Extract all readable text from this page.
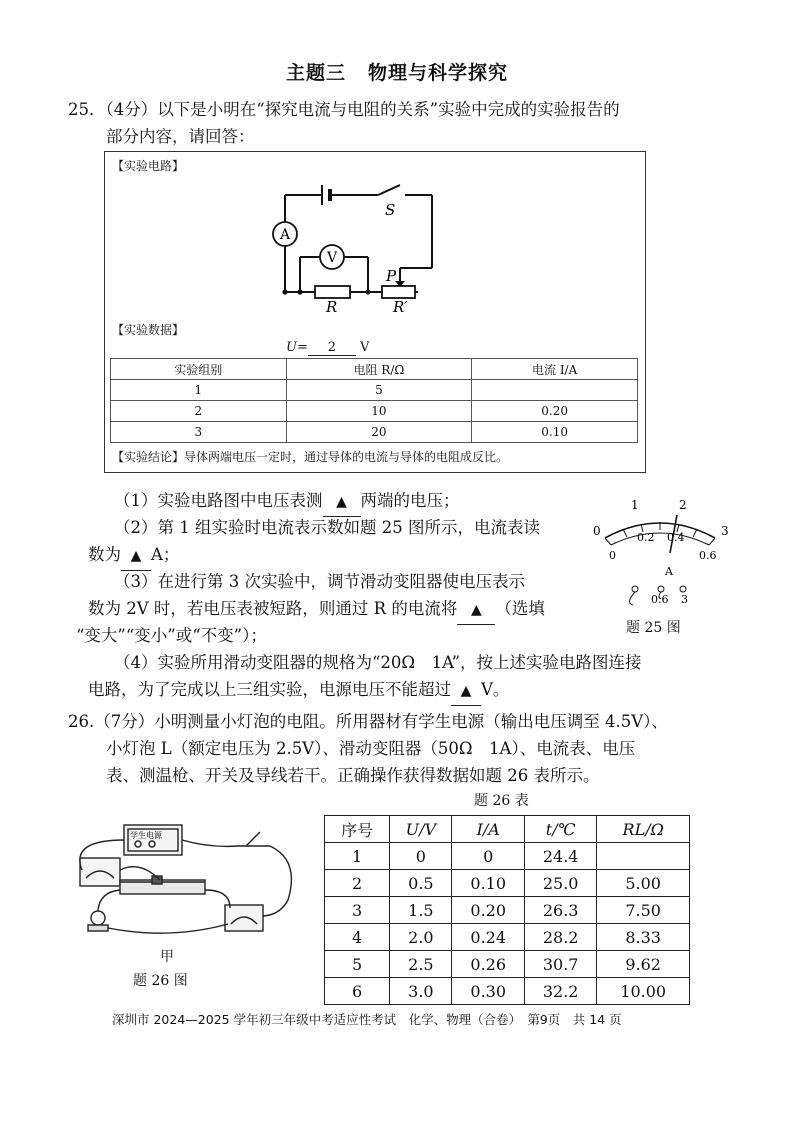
主题三 物理与科学探究
25．（4分）以下是小明在“探究电流与电阻的关系”实验中完成的实验报告的
部分内容，请回答：
【实验电路】
A
V
S
R	R′
P
【实验数据】
U= 2 V
实验组别	电阻 R/Ω	电流 I/A
1	5	
2	10	0.20
3	20	0.10
【实验结论】导体两端电压一定时，通过导体的电流与导体的电阻成反比。
（1）实验电路图中电压表测 ▲ 两端的电压；
（2）第 1 组实验时电流表示数如题 25 图所示，电流表读
数为 ▲ A；
（3）在进行第 3 次实验中，调节滑动变阻器使电压表示
数为 2V 时，若电压表被短路，则通过 R 的电流将 ▲ （选填
“变大”“变小”或“不变”）；
（4）实验所用滑动变阻器的规格为“20Ω　1A”，按上述实验电路图连接
电路，为了完成以上三组实验，电源电压不能超过 ▲ V。
0
1	2
3
0
0.2 0.4
0.6
A
0.6 3
题 25 图
26.（7分）小明测量小灯泡的电阻。所用器材有学生电源（输出电压调至 4.5V）、
小灯泡 L（额定电压为 2.5V）、滑动变阻器（50Ω　1A）、电流表、电压
表、测温枪、开关及导线若干。正确操作获得数据如题 26 表所示。
题 26 表
学生电源
甲
题 26 图
序号	U/V	I/A	t/℃	RL/Ω
1	0	0	24.4	
2	0.5	0.10	25.0	5.00
3	1.5	0.20	26.3	7.50
4	2.0	0.24	28.2	8.33
5	2.5	0.26	30.7	9.62
6	3.0	0.30	32.2	10.00
深圳市 2024—2025 学年初三年级中考适应性考试　化学、物理（合卷）　第9页　共 14 页
